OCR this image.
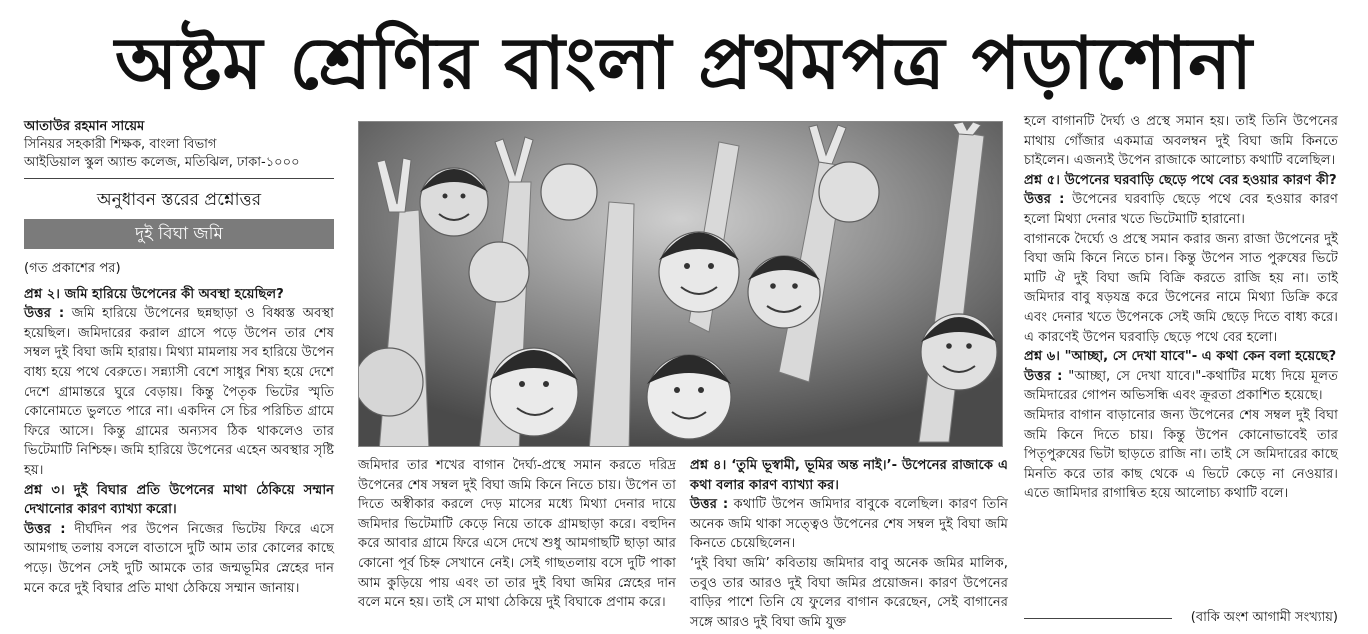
অষ্টম শ্রেণির বাংলা প্রথমপত্র পড়াশোনা
আতাউর রহমান সায়েম
সিনিয়র সহকারী শিক্ষক, বাংলা বিভাগ
আইডিয়াল স্কুল অ্যান্ড কলেজ, মতিঝিল, ঢাকা-১০০০
অনুধাবন স্তরের প্রশ্নোত্তর
দুই বিঘা জমি

(গত প্রকাশের পর)

প্রশ্ন ২। জমি হারিয়ে উপেনের কী অবস্থা হয়েছিল?

উত্তর : জমি হারিয়ে উপেনের ছন্নছাড়া ও বিধ্বস্ত অবস্থা হয়েছিল। জমিদারের করাল গ্রাসে পড়ে উপেন তার শেষ সম্বল দুই বিঘা জমি হারায়। মিথ্যা মামলায় সব হারিয়ে উপেন বাধ্য হয়ে পথে বেরুতে। সন্ন্যাসী বেশে সাধুর শিষ্য হয়ে দেশে দেশে গ্রামান্তরে ঘুরে বেড়ায়। কিন্তু পৈতৃক ভিটের স্মৃতি কোনোমতে ভুলতে পারে না। একদিন সে চির পরিচিত গ্রামে ফিরে আসে। কিন্তু গ্রামের অন্যসব ঠিক থাকলেও তার ভিটেমাটি নিশ্চিহ্ন। জমি হারিয়ে উপেনের এহেন অবস্থার সৃষ্টি হয়।

প্রশ্ন ৩। দুই বিঘার প্রতি উপেনের মাথা ঠেকিয়ে সম্মান দেখানোর কারণ ব্যাখ্যা করো।

উত্তর : দীর্ঘদিন পর উপেন নিজের ভিটেয় ফিরে এসে আমগাছ তলায় বসলে বাতাসে দুটি আম তার কোলের কাছে পড়ে। উপেন সেই দুটি আমকে তার জন্মভূমির স্নেহের দান মনে করে দুই বিঘার প্রতি মাথা ঠেকিয়ে সম্মান জানায়।

জমিদার তার শখের বাগান দৈর্ঘ্য-প্রস্থে সমান করতে দরিদ্র উপেনের শেষ সম্বল দুই বিঘা জমি কিনে নিতে চায়। উপেন তা দিতে অস্বীকার করলে দেড় মাসের মধ্যে মিথ্যা দেনার দায়ে জমিদার ভিটেমাটি কেড়ে নিয়ে তাকে গ্রামছাড়া করে। বহুদিন করে আবার গ্রামে ফিরে এসে দেখে শুধু আমগাছটি ছাড়া আর কোনো পূর্ব চিহ্ন সেখানে নেই। সেই গাছতলায় বসে দুটি পাকা আম কুড়িয়ে পায় এবং তা তার দুই বিঘা জমির স্নেহের দান বলে মনে হয়। তাই সে মাথা ঠেকিয়ে দুই বিঘাকে প্রণাম করে।

প্রশ্ন ৪। ‘তুমি ভূস্বামী, ভূমির অন্ত নাই।’- উপেনের রাজাকে এ কথা বলার কারণ ব্যাখ্যা কর।

উত্তর : কথাটি উপেন জমিদার বাবুকে বলেছিল। কারণ তিনি অনেক জমি থাকা সত্ত্বেও উপেনের শেষ সম্বল দুই বিঘা জমি কিনতে চেয়েছিলেন।

‘দুই বিঘা জমি’ কবিতায় জমিদার বাবু অনেক জমির মালিক, তবুও তার আরও দুই বিঘা জমির প্রয়োজন। কারণ উপেনের বাড়ির পাশে তিনি যে ফুলের বাগান করেছেন, সেই বাগানের সঙ্গে আরও দুই বিঘা জমি যুক্ত

হলে বাগানটি দৈর্ঘ্য ও প্রস্থে সমান হয়। তাই তিনি উপেনের মাথায় গোঁজার একমাত্র অবলম্বন দুই বিঘা জমি কিনতে চাইলেন। এজন্যই উপেন রাজাকে আলোচ্য কথাটি বলেছিল।

প্রশ্ন ৫। উপেনের ঘরবাড়ি ছেড়ে পথে বের হওয়ার কারণ কী?

উত্তর : উপেনের ঘরবাড়ি ছেড়ে পথে বের হওয়ার কারণ হলো মিথ্যা দেনার খতে ভিটেমাটি হারানো।

বাগানকে দৈর্ঘ্যে ও প্রস্থে সমান করার জন্য রাজা উপেনের দুই বিঘা জমি কিনে নিতে চান। কিন্তু উপেন সাত পুরুষের ভিটে মাটি ঐ দুই বিঘা জমি বিক্রি করতে রাজি হয় না। তাই জমিদার বাবু ষড়যন্ত্র করে উপেনের নামে মিথ্যা ডিক্রি করে এবং দেনার খতে উপেনকে সেই জমি ছেড়ে দিতে বাধ্য করে। এ কারণেই উপেন ঘরবাড়ি ছেড়ে পথে বের হলো।

প্রশ্ন ৬। "আচ্ছা, সে দেখা যাবে"- এ কথা কেন বলা হয়েছে?

উত্তর : "আচ্ছা, সে দেখা যাবে।"-কথাটির মধ্যে দিয়ে মূলত জমিদারের গোপন অভিসন্ধি এবং ক্রূরতা প্রকাশিত হয়েছে।

জমিদার বাগান বাড়ানোর জন্য উপেনের শেষ সম্বল দুই বিঘা জমি কিনে দিতে চায়। কিন্তু উপেন কোনোভাবেই তার পিতৃপুরুষের ভিটা ছাড়তে রাজি না। তাই সে জমিদারের কাছে মিনতি করে তার কাছ থেকে এ ভিটে কেড়ে না নেওয়ার। এতে জামিদার রাগান্বিত হয়ে আলোচ্য কথাটি বলে।

(বাকি অংশ আগামী সংখ্যায়)
